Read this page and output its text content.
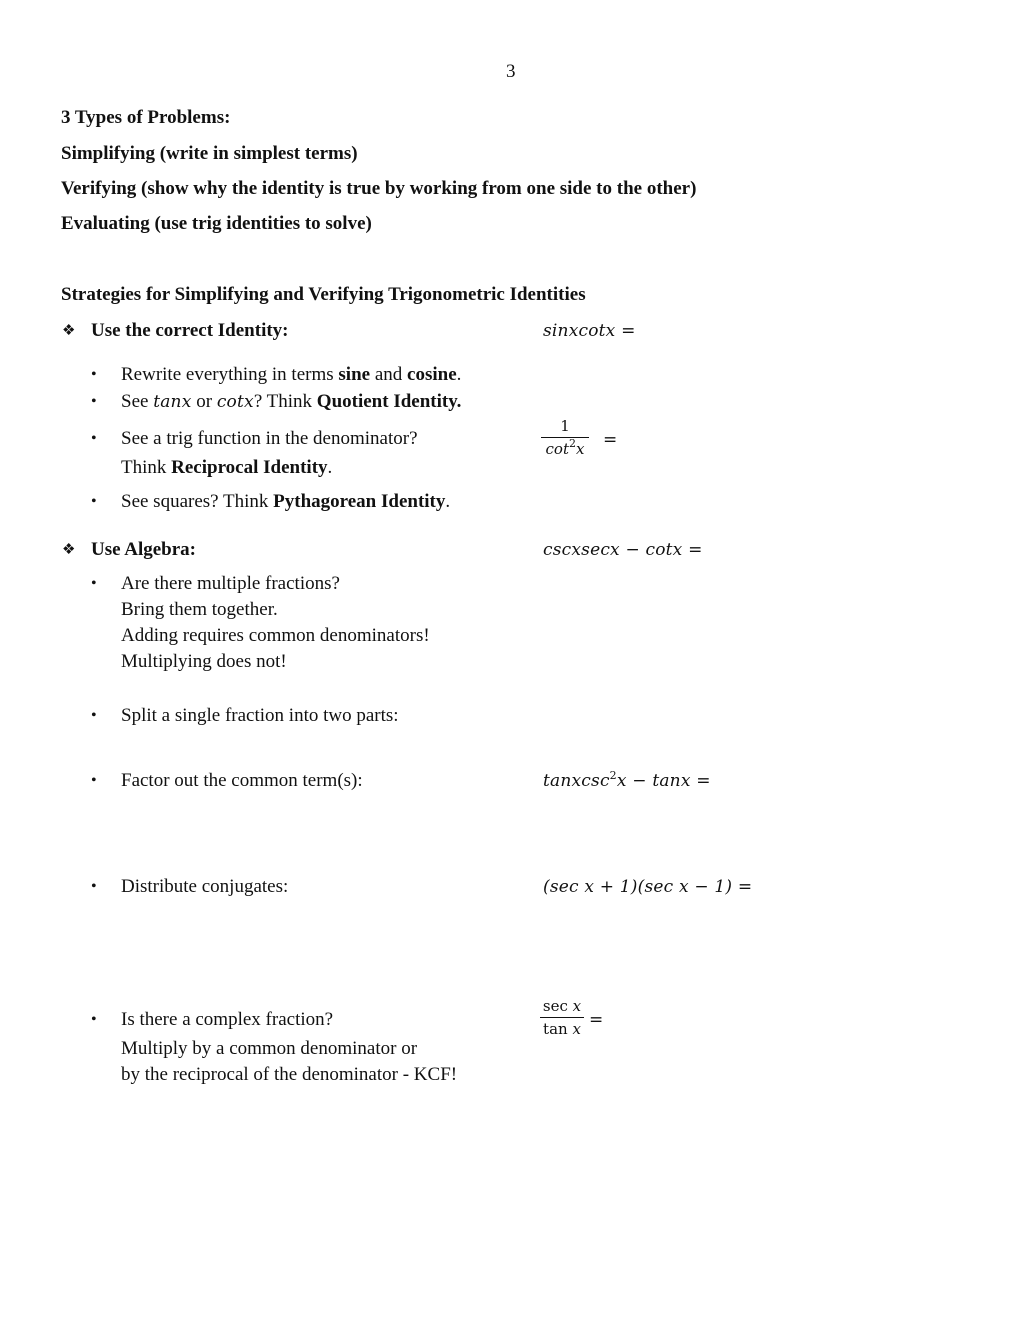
3
3 Types of Problems:
Simplifying (write in simplest terms)
Verifying (show why the identity is true by working from one side to the other)
Evaluating (use trig identities to solve)
Strategies for Simplifying and Verifying Trigonometric Identities
❖ Use the correct Identity:	sinxcotx =
• Rewrite everything in terms sine and cosine.
• See tanx or cotx? Think Quotient Identity.
• See a trig function in the denominator?
Think Reciprocal Identity.
1
$\cot^2x$ =
• See squares? Think Pythagorean Identity.
❖ Use Algebra:	cscxsecx − cotx =
• Are there multiple fractions?
Bring them together.
Adding requires common denominators!
Multiplying does not!
• Split a single fraction into two parts:
• Factor out the common term(s):	tanxcsc$^2$x − tanx =
• Distribute conjugates:	(sec x + 1)(sec x − 1) =
• Is there a complex fraction?
Multiply by a common denominator or
by the reciprocal of the denominator - KCF!
sec x
tan x =
